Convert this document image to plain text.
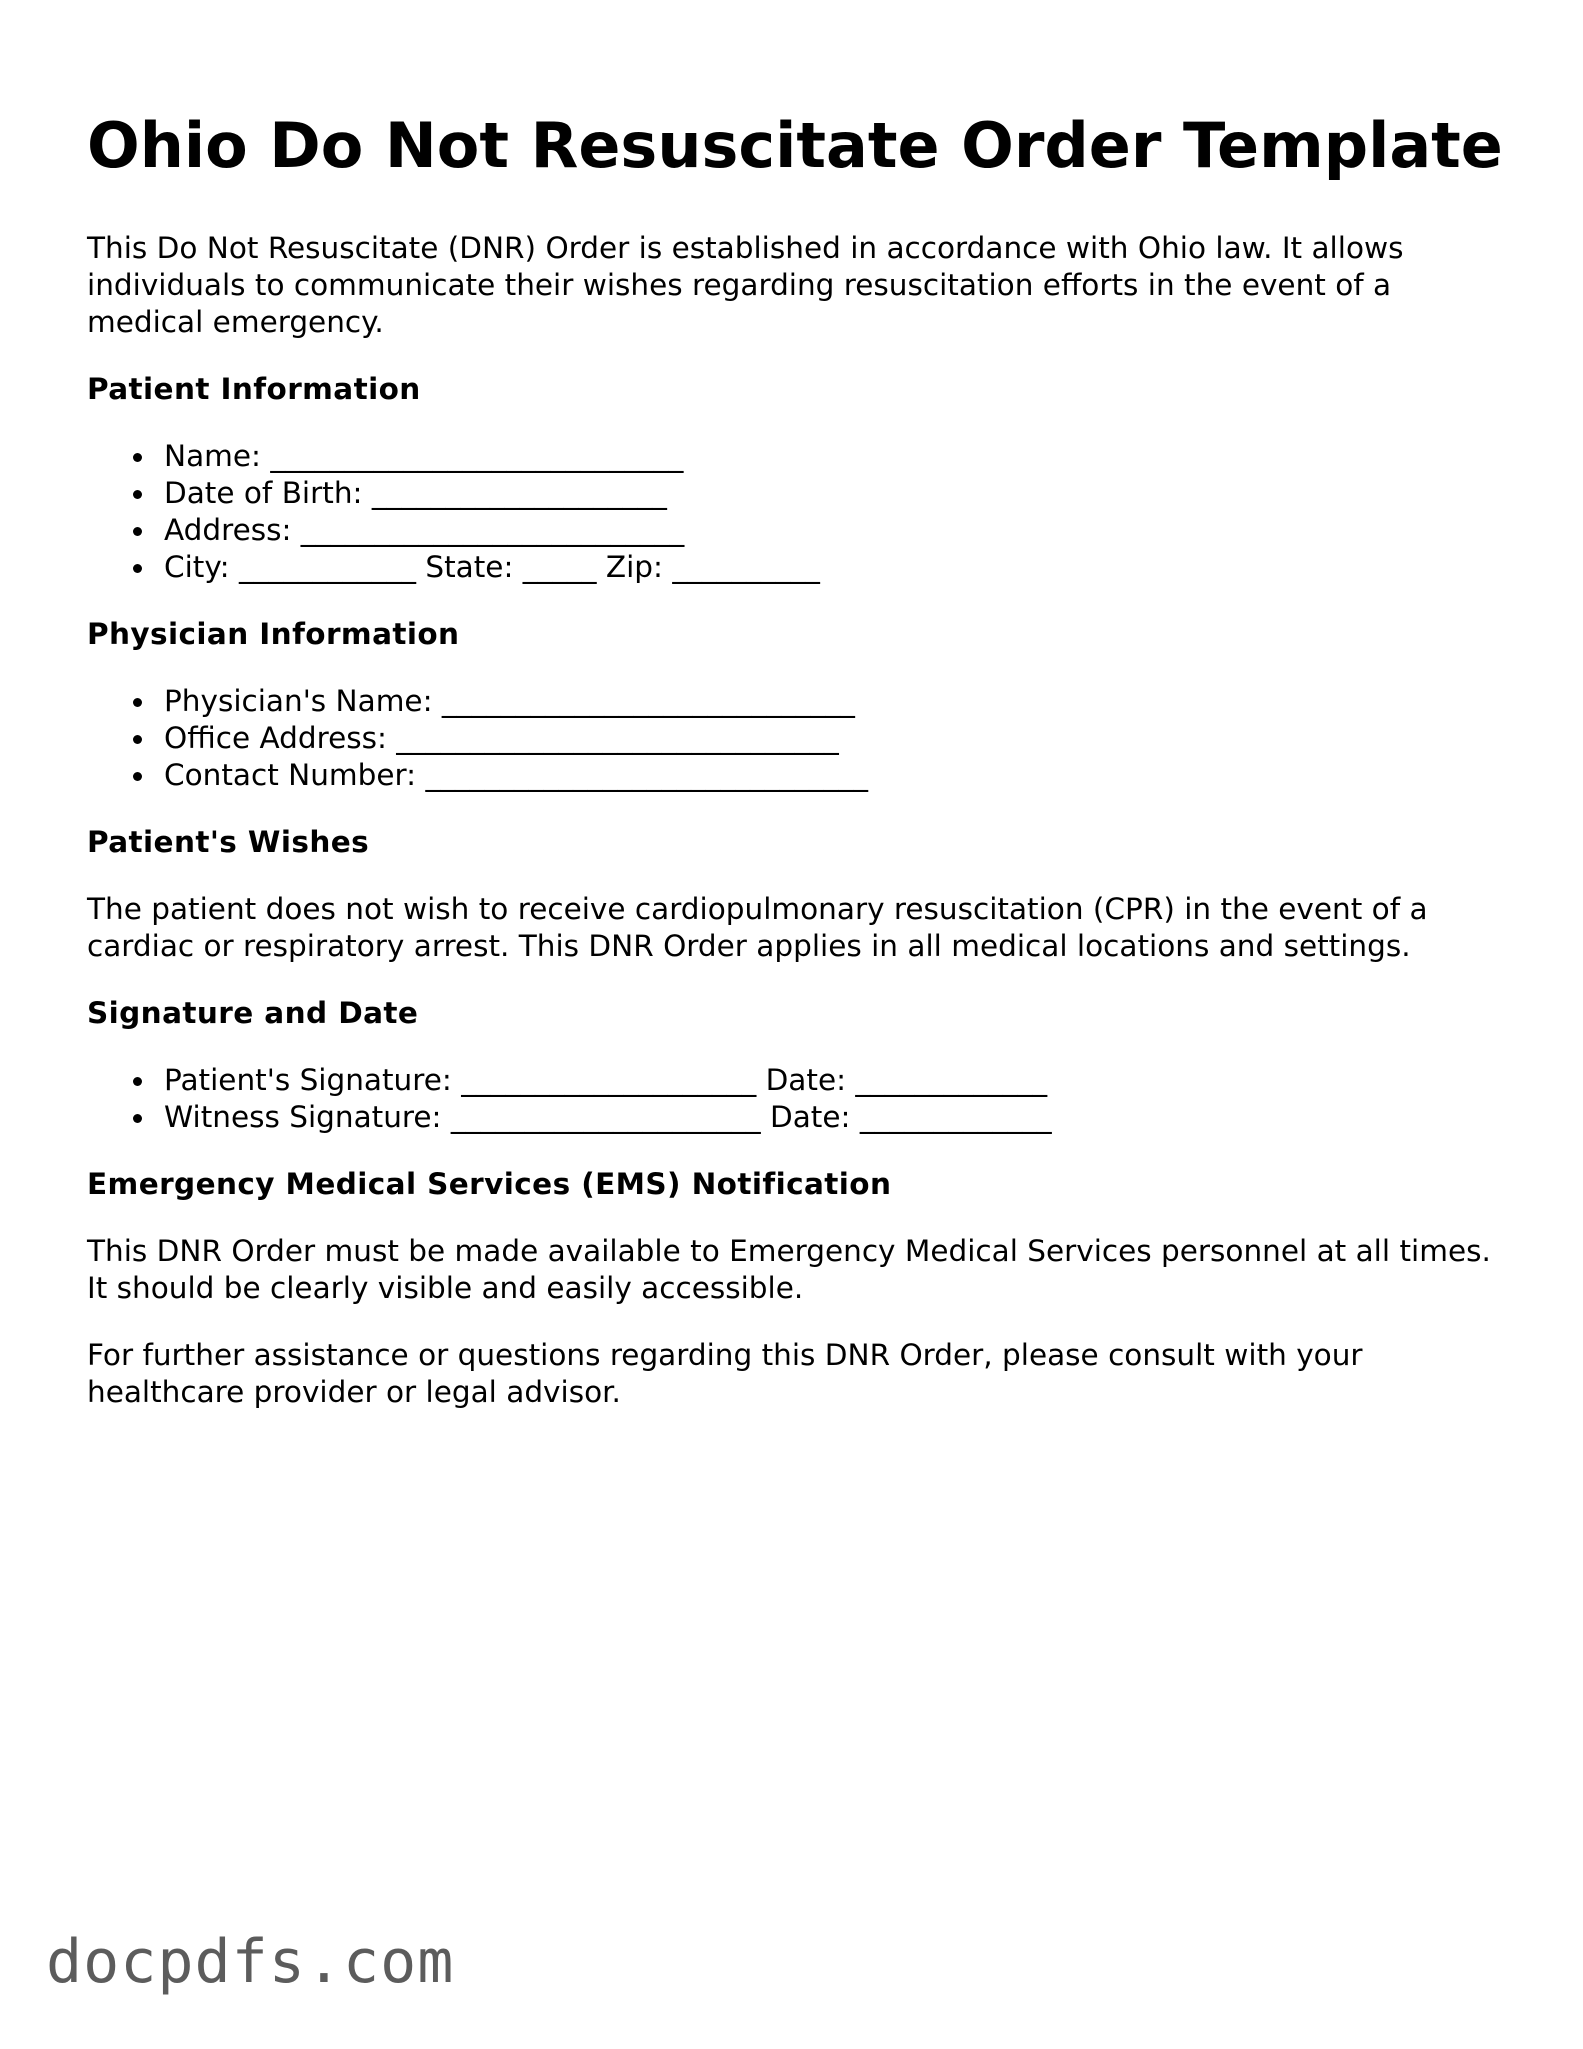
Ohio Do Not Resuscitate Order Template

This Do Not Resuscitate (DNR) Order is established in accordance with Ohio law. It allows individuals to communicate their wishes regarding resuscitation efforts in the event of a medical emergency.

Patient Information
Name: ____________________________
Date of Birth: ____________________
Address: __________________________
City: ____________ State: _____ Zip: __________
Physician Information
Physician's Name: ____________________________
Office Address: ______________________________
Contact Number: ______________________________
Patient's Wishes

The patient does not wish to receive cardiopulmonary resuscitation (CPR) in the event of a cardiac or respiratory arrest. This DNR Order applies in all medical locations and settings.

Signature and Date
Patient's Signature: ____________________ Date: _____________
Witness Signature: _____________________ Date: _____________
Emergency Medical Services (EMS) Notification

This DNR Order must be made available to Emergency Medical Services personnel at all times. It should be clearly visible and easily accessible.

For further assistance or questions regarding this DNR Order, please consult with your healthcare provider or legal advisor.

docpdfs.com
